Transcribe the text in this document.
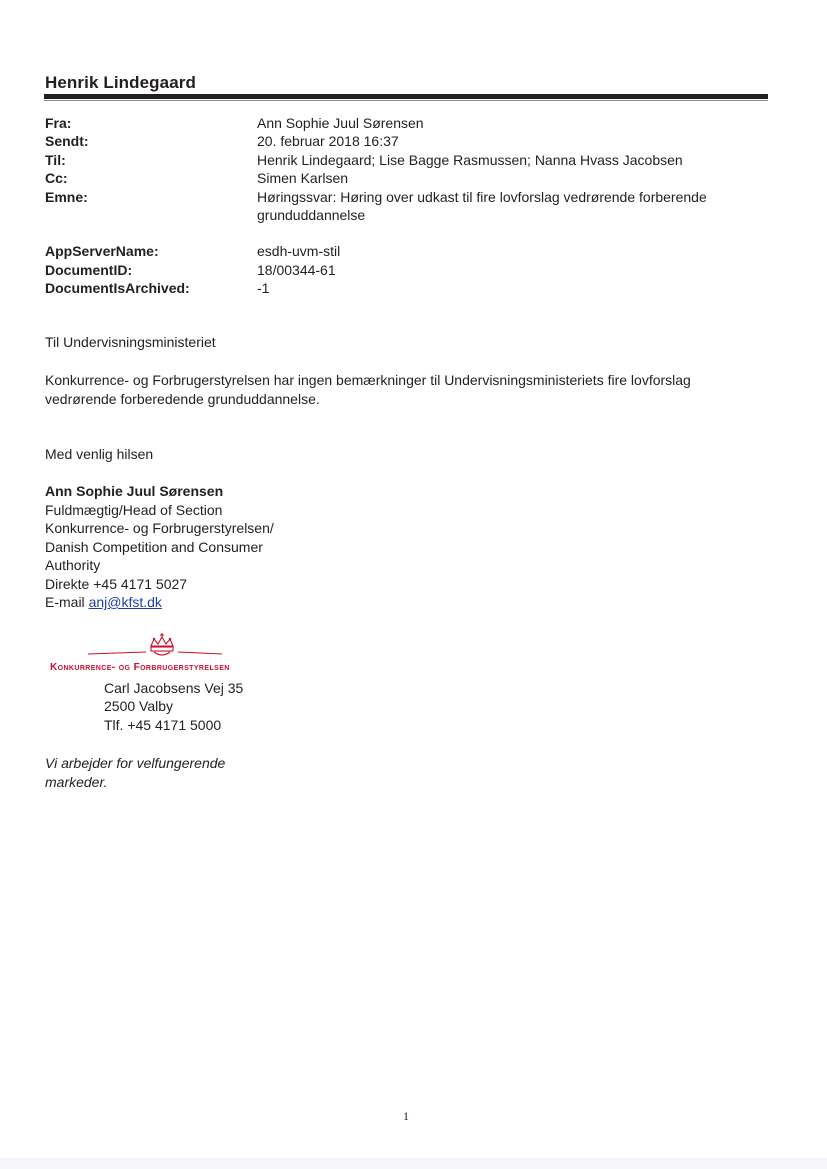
Henrik Lindegaard
Fra:	Ann Sophie Juul Sørensen
Sendt:	20. februar 2018 16:37
Til:	Henrik Lindegaard; Lise Bagge Rasmussen; Nanna Hvass Jacobsen
Cc:	Simen Karlsen
Emne:	Høringssvar: Høring over udkast til fire lovforslag vedrørende forberende grunduddannelse
AppServerName:	esdh-uvm-stil
DocumentID:	18/00344-61
DocumentIsArchived:	-1
Til Undervisningsministeriet
Konkurrence- og Forbrugerstyrelsen har ingen bemærkninger til Undervisningsministeriets fire lovforslag vedrørende forberedende grunduddannelse.
Med venlig hilsen
Ann Sophie Juul Sørensen
Fuldmægtig/Head of Section
Konkurrence- og Forbrugerstyrelsen/
Danish Competition and Consumer
Authority
Direkte +45 4171 5027
E-mail anj@kfst.dk
Konkurrence- og Forbrugerstyrelsen
Carl Jacobsens Vej 35
2500 Valby
Tlf. +45 4171 5000
Vi arbejder for velfungerende markeder.
1
